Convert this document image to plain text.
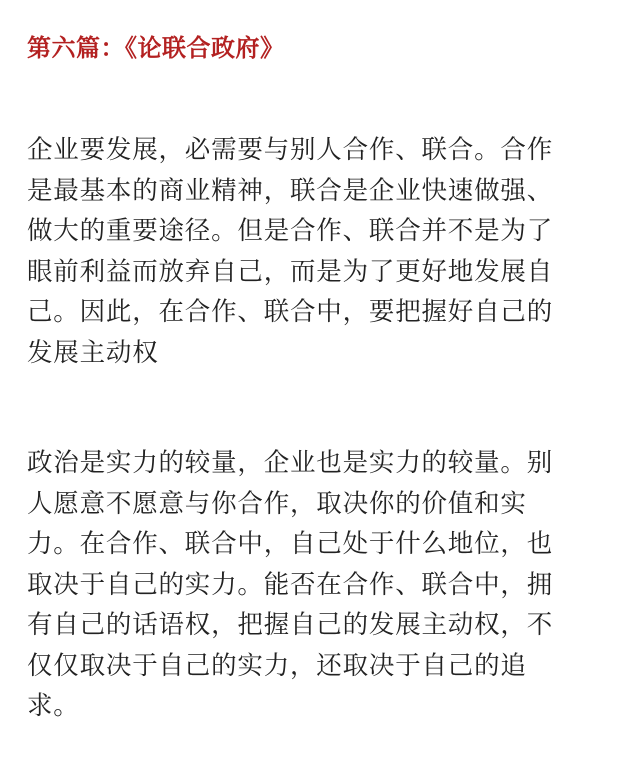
第六篇：《论联合政府》

企业要发展，必需要与别人合作、联合。合作
是最基本的商业精神，联合是企业快速做强、
做大的重要途径。但是合作、联合并不是为了
眼前利益而放弃自己，而是为了更好地发展自
己。因此，在合作、联合中，要把握好自己的
发展主动权

政治是实力的较量，企业也是实力的较量。别
人愿意不愿意与你合作，取决你的价值和实
力。在合作、联合中，自己处于什么地位，也
取决于自己的实力。能否在合作、联合中，拥
有自己的话语权，把握自己的发展主动权，不
仅仅取决于自己的实力，还取决于自己的追
求。
